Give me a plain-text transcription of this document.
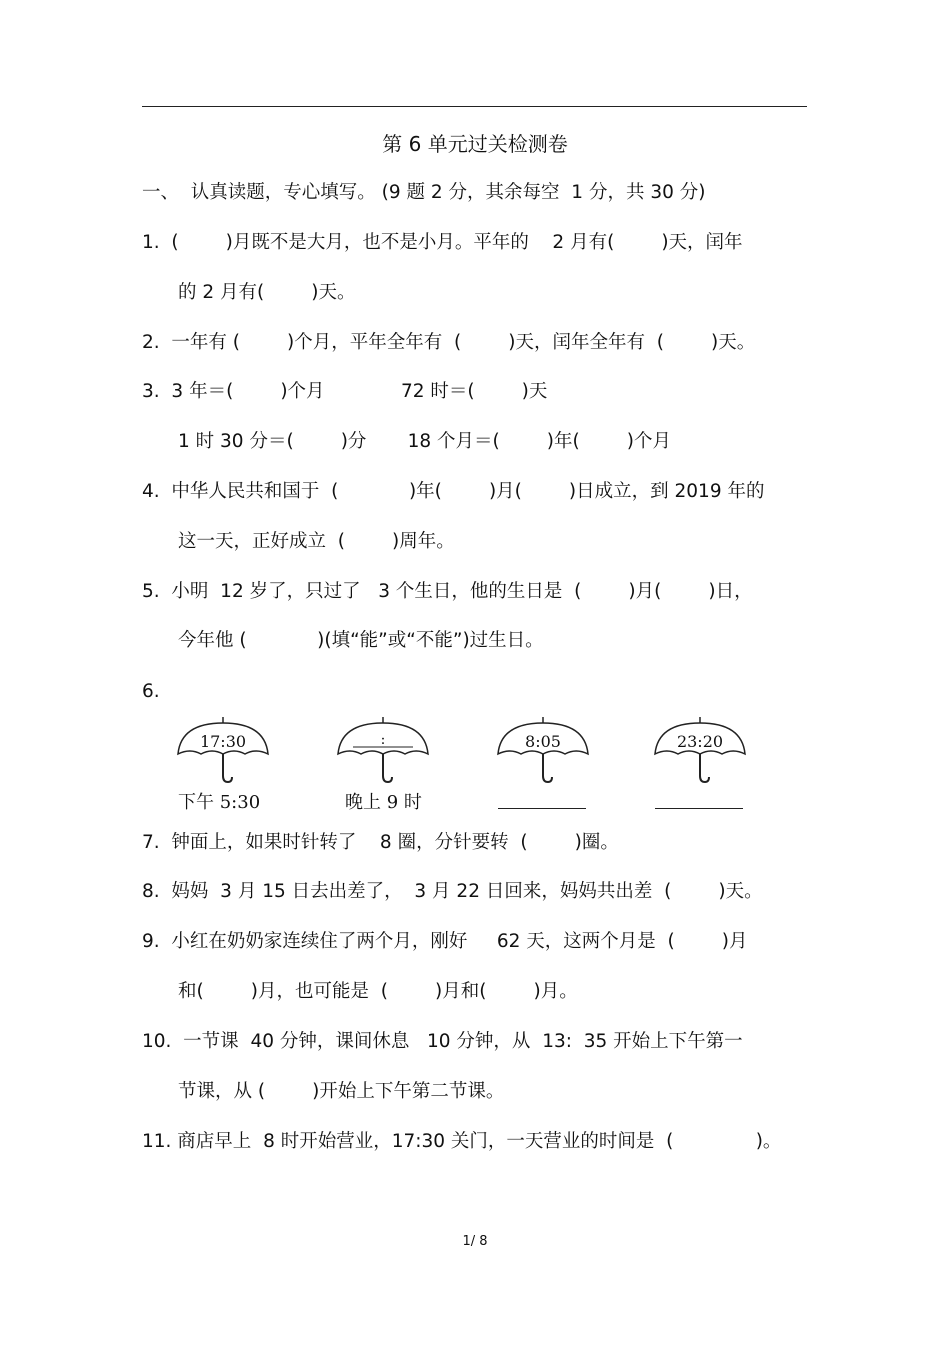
第 6 单元过关检测卷
一、  认真读题，专心填写。 (9 题 2 分，其余每空  1 分，共 30 分)
1.  (        )月既不是大月，也不是小月。平年的    2 月有(        )天，闰年
的 2 月有(        )天。
2.  一年有 (        )个月，平年全年有  (        )天，闰年全年有  (        )天。
3.  3 年＝(        )个月             72 时＝(        )天
1 时 30 分＝(        )分       18 个月＝(        )年(        )个月
4.  中华人民共和国于  (            )年(        )月(        )日成立，到 2019 年的
这一天，正好成立  (        )周年。
5.  小明  12 岁了，只过了   3 个生日，他的生日是  (        )月(        )日，
今年他 (            )(填“能”或“不能”)过生日。
6.
17:30	:	8:05	23:20
下午 5:30	晚上 9 时
7.  钟面上，如果时针转了    8 圈，分针要转  (        )圈。
8.  妈妈  3 月 15 日去出差了，  3 月 22 日回来，妈妈共出差  (        )天。
9.  小红在奶奶家连续住了两个月，刚好     62 天，这两个月是  (        )月
和(        )月，也可能是  (        )月和(        )月。
10.  一节课  40 分钟，课间休息   10 分钟，从  13:  35 开始上下午第一
节课，从 (        )开始上下午第二节课。
11. 商店早上  8 时开始营业，17:30 关门，一天营业的时间是  (              )。
1/ 8
